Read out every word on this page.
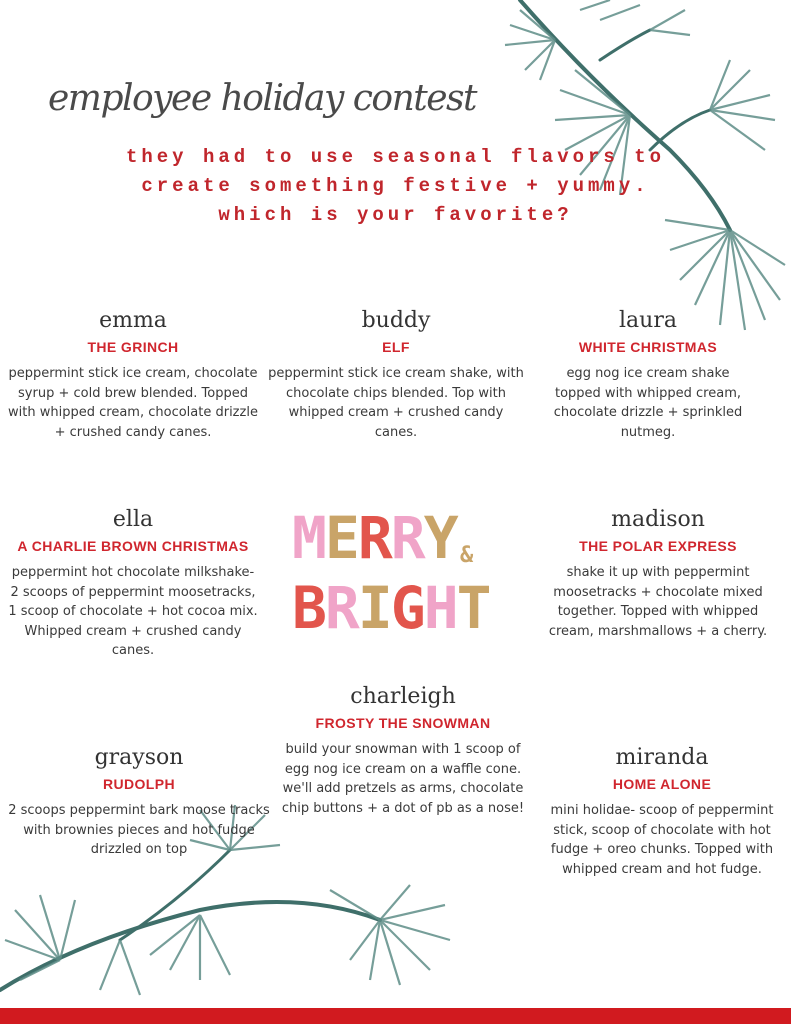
employee holiday contest
they had to use seasonal flavors to
create something festive + yummy.
which is your favorite?
emma
THE GRINCH
peppermint stick ice cream, chocolate syrup + cold brew blended. Topped with whipped cream, chocolate drizzle + crushed candy canes.
buddy
ELF
peppermint stick ice cream shake, with chocolate chips blended. Top with whipped cream + crushed candy canes.
laura
WHITE CHRISTMAS
egg nog ice cream shake topped with whipped cream, chocolate drizzle + sprinkled nutmeg.
ella
A CHARLIE BROWN CHRISTMAS
peppermint hot chocolate milkshake- 2 scoops of peppermint moosetracks, 1 scoop of chocolate + hot cocoa mix. Whipped cream + crushed candy canes.
madison
THE POLAR EXPRESS
shake it up with peppermint moosetracks + chocolate mixed together. Topped with whipped cream, marshmallows + a cherry.
charleigh
FROSTY THE SNOWMAN
build your snowman with 1 scoop of egg nog ice cream on a waffle cone. we'll add pretzels as arms, chocolate chip buttons + a dot of pb as a nose!
grayson
RUDOLPH
2 scoops peppermint bark moose tracks with brownies pieces and hot fudge drizzled on top
miranda
HOME ALONE
mini holidae- scoop of peppermint stick, scoop of chocolate with hot fudge + oreo chunks. Topped with whipped cream and hot fudge.
MERRY &
BRIGHT
